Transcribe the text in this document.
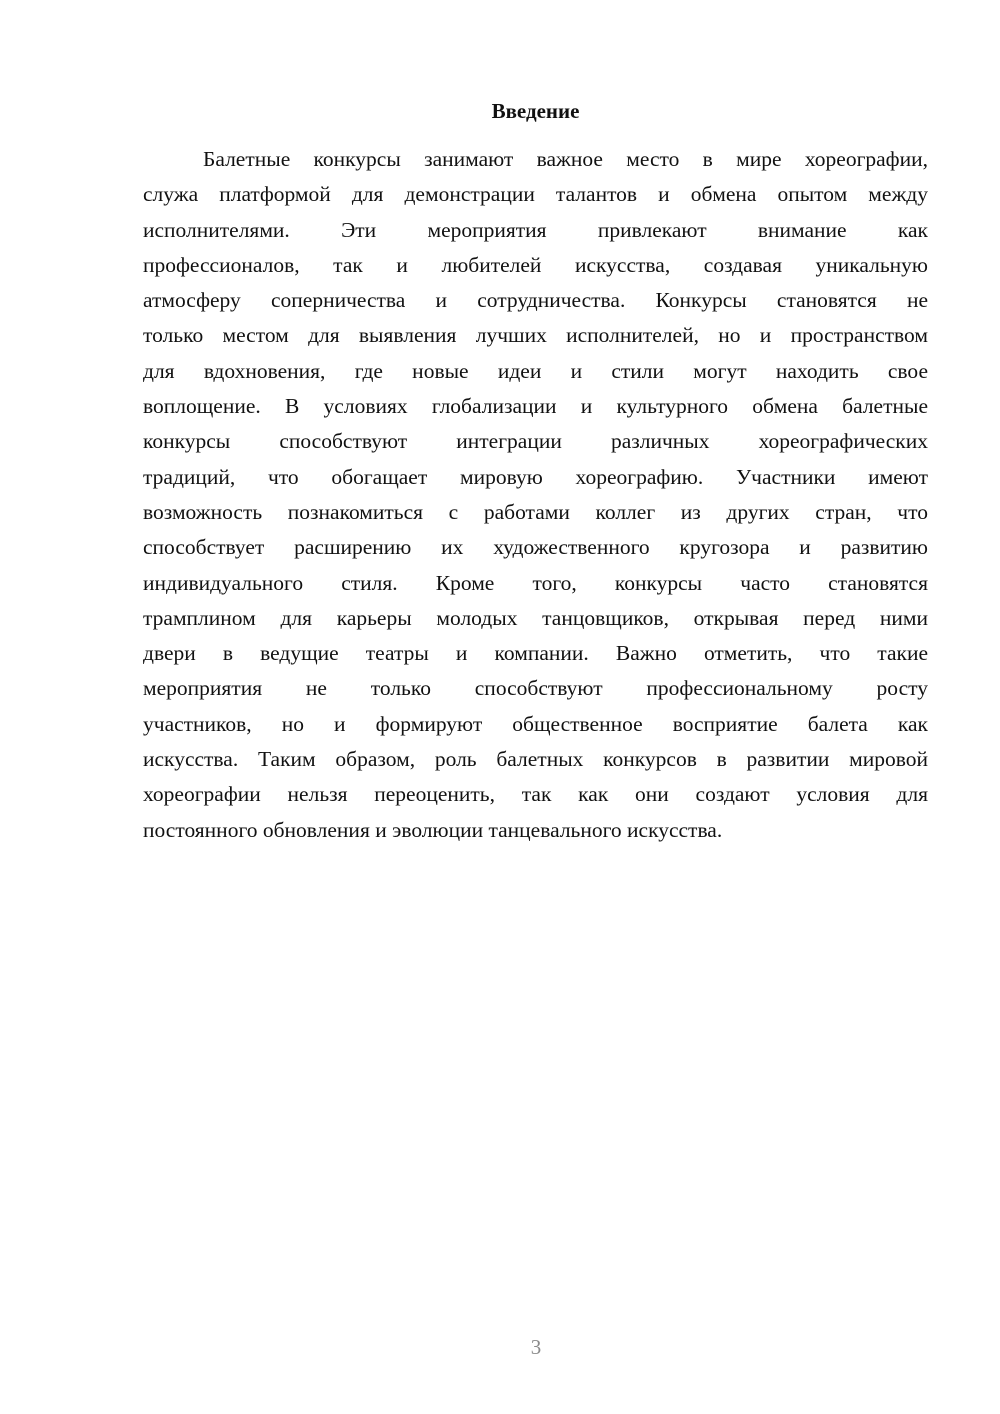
Введение
Балетные конкурсы занимают важное место в мире хореографии,
служа платформой для демонстрации талантов и обмена опытом между
исполнителями. Эти мероприятия привлекают внимание как
профессионалов, так и любителей искусства, создавая уникальную
атмосферу соперничества и сотрудничества. Конкурсы становятся не
только местом для выявления лучших исполнителей, но и пространством
для вдохновения, где новые идеи и стили могут находить свое
воплощение. В условиях глобализации и культурного обмена балетные
конкурсы способствуют интеграции различных хореографических
традиций, что обогащает мировую хореографию. Участники имеют
возможность познакомиться с работами коллег из других стран, что
способствует расширению их художественного кругозора и развитию
индивидуального стиля. Кроме того, конкурсы часто становятся
трамплином для карьеры молодых танцовщиков, открывая перед ними
двери в ведущие театры и компании. Важно отметить, что такие
мероприятия не только способствуют профессиональному росту
участников, но и формируют общественное восприятие балета как
искусства. Таким образом, роль балетных конкурсов в развитии мировой
хореографии нельзя переоценить, так как они создают условия для
постоянного обновления и эволюции танцевального искусства.
3
